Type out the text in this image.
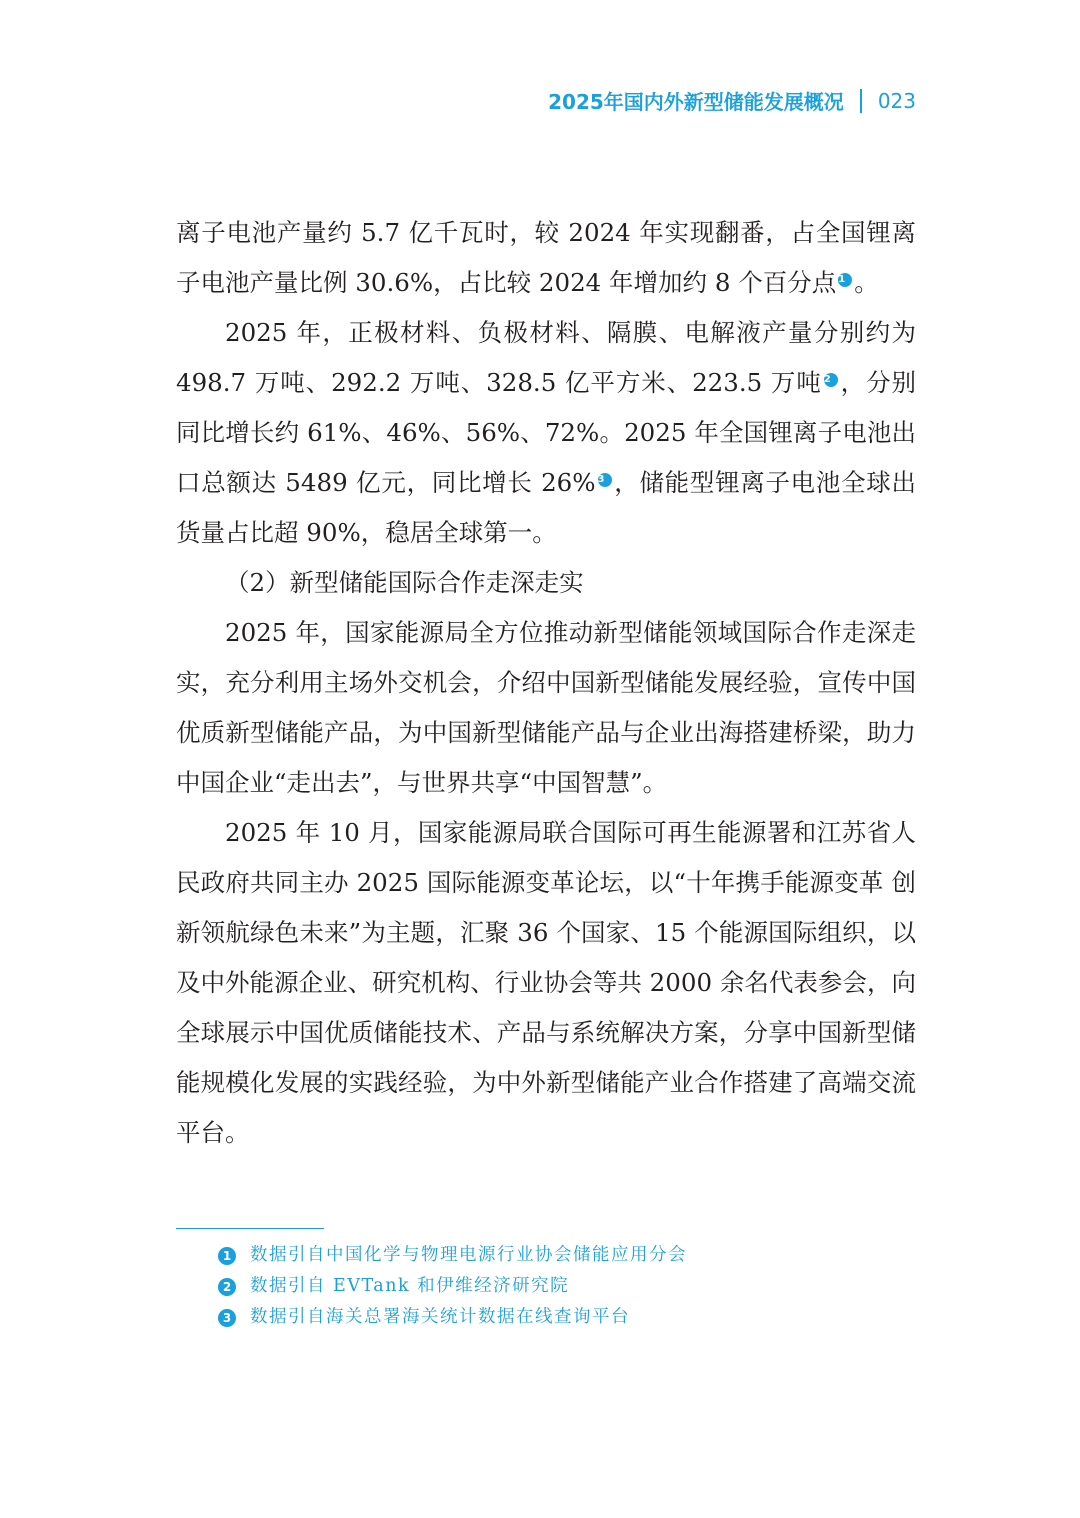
2025年国内外新型储能发展概况 023

离子电池产量约 5.7 亿千瓦时，较 2024 年实现翻番，占全国锂离子电池产量比例 30.6%，占比较 2024 年增加约 8 个百分点 1 。

2025 年，正极材料、负极材料、隔膜、电解液产量分别约为 498.7 万吨、292.2 万吨、328.5 亿平方米、223.5 万吨 2 ，分别同比增长约 61%、46%、56%、72%。2025 年全国锂离子电池出口总额达 5489 亿元，同比增长 26% 3 ，储能型锂离子电池全球出货量占比超 90%，稳居全球第一。

（2）新型储能国际合作走深走实

2025 年，国家能源局全方位推动新型储能领域国际合作走深走实，充分利用主场外交机会，介绍中国新型储能发展经验，宣传中国优质新型储能产品，为中国新型储能产品与企业出海搭建桥梁，助力中国企业“走出去”，与世界共享“中国智慧”。

2025 年 10 月，国家能源局联合国际可再生能源署和江苏省人民政府共同主办 2025 国际能源变革论坛，以“十年携手能源变革 创新领航绿色未来”为主题，汇聚 36 个国家、15 个能源国际组织，以及中外能源企业、研究机构、行业协会等共 2000 余名代表参会，向全球展示中国优质储能技术、产品与系统解决方案，分享中国新型储能规模化发展的实践经验，为中外新型储能产业合作搭建了高端交流平台。

1 数据引自中国化学与物理电源行业协会储能应用分会
2 数据引自 EVTank 和伊维经济研究院
3 数据引自海关总署海关统计数据在线查询平台
